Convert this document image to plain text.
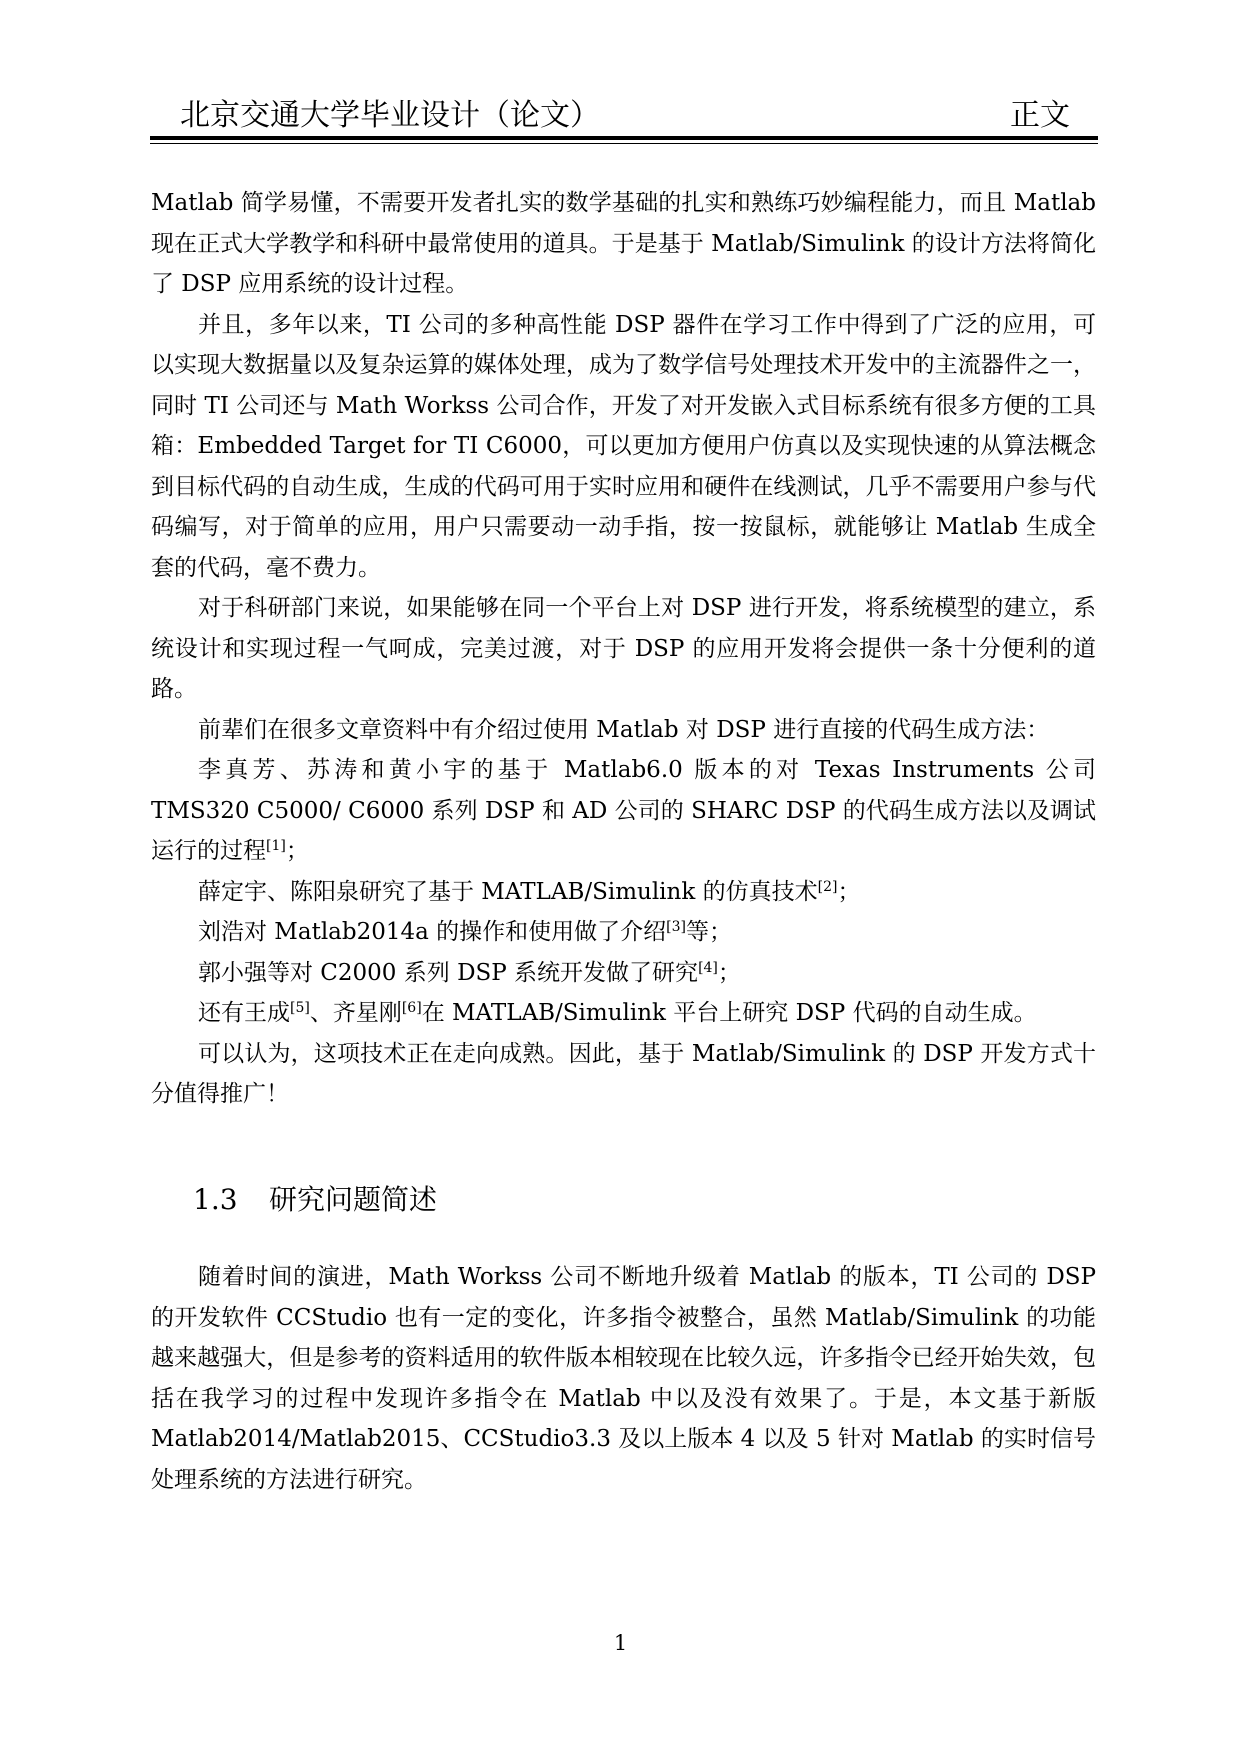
北京交通大学毕业设计（论文）	正文

Matlab 简学易懂，不需要开发者扎实的数学基础的扎实和熟练巧妙编程能力，而且 Matlab 现在正式大学教学和科研中最常使用的道具。于是基于 Matlab/Simulink 的设计方法将简化了 DSP 应用系统的设计过程。

并且，多年以来，TI 公司的多种高性能 DSP 器件在学习工作中得到了广泛的应用，可以实现大数据量以及复杂运算的媒体处理，成为了数学信号处理技术开发中的主流器件之一， 同时 TI 公司还与 Math Workss 公司合作，开发了对开发嵌入式目标系统有很多方便的工具箱：Embedded Target for TI C6000，可以更加方便用户仿真以及实现快速的从算法概念到目标代码的自动生成，生成的代码可用于实时应用和硬件在线测试，几乎不需要用户参与代码编写，对于简单的应用，用户只需要动一动手指，按一按鼠标，就能够让 Matlab 生成全套的代码，毫不费力。

对于科研部门来说，如果能够在同一个平台上对 DSP 进行开发，将系统模型的建立，系统设计和实现过程一气呵成，完美过渡，对于 DSP 的应用开发将会提供一条十分便利的道路。

前辈们在很多文章资料中有介绍过使用 Matlab 对 DSP 进行直接的代码生成方法：

李真芳、苏涛和黄小宇的基于 Matlab6.0 版本的对 Texas Instruments 公司 TMS320 C5000/ C6000 系列 DSP 和 AD 公司的 SHARC DSP 的代码生成方法以及调试运行的过程[1]；

薛定宇、陈阳泉研究了基于 MATLAB/Simulink 的仿真技术[2]；

刘浩对 Matlab2014a 的操作和使用做了介绍[3]等；

郭小强等对 C2000 系列 DSP 系统开发做了研究[4]；

还有王成[5]、齐星刚[6]在 MATLAB/Simulink 平台上研究 DSP 代码的自动生成。

可以认为，这项技术正在走向成熟。因此，基于 Matlab/Simulink 的 DSP 开发方式十分值得推广！

1.3 研究问题简述

随着时间的演进，Math Workss 公司不断地升级着 Matlab 的版本，TI 公司的 DSP 的开发软件 CCStudio 也有一定的变化，许多指令被整合，虽然 Matlab/Simulink 的功能越来越强大，但是参考的资料适用的软件版本相较现在比较久远，许多指令已经开始失效，包括在我学习的过程中发现许多指令在 Matlab 中以及没有效果了。于是，本文基于新版 Matlab2014/Matlab2015、CCStudio3.3 及以上版本 4 以及 5 针对 Matlab 的实时信号处理系统的方法进行研究。

1
